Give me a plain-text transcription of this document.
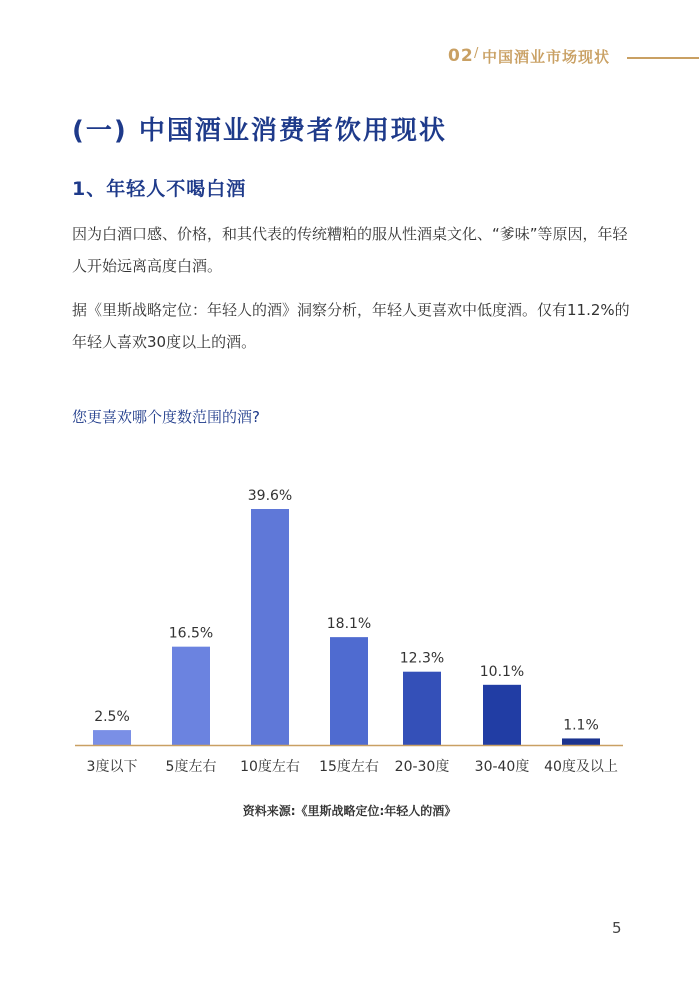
02 / 中国酒业市场现状
(一) 中国酒业消费者饮用现状
1、年轻人不喝白酒

因为白酒口感、价格，和其代表的传统糟粕的服从性酒桌文化、“爹味”等原因，年轻人开始远离高度白酒。

据《里斯战略定位：年轻人的酒》洞察分析，年轻人更喜欢中低度酒。仅有11.2%的年轻人喜欢30度以上的酒。

您更喜欢哪个度数范围的酒?
2.5%
3度以下
16.5%
5度左右
39.6%
10度左右
18.1%
15度左右
12.3%
20-30度
10.1%
30-40度
1.1%
40度及以上
资料来源:《里斯战略定位:年轻人的酒》
5
